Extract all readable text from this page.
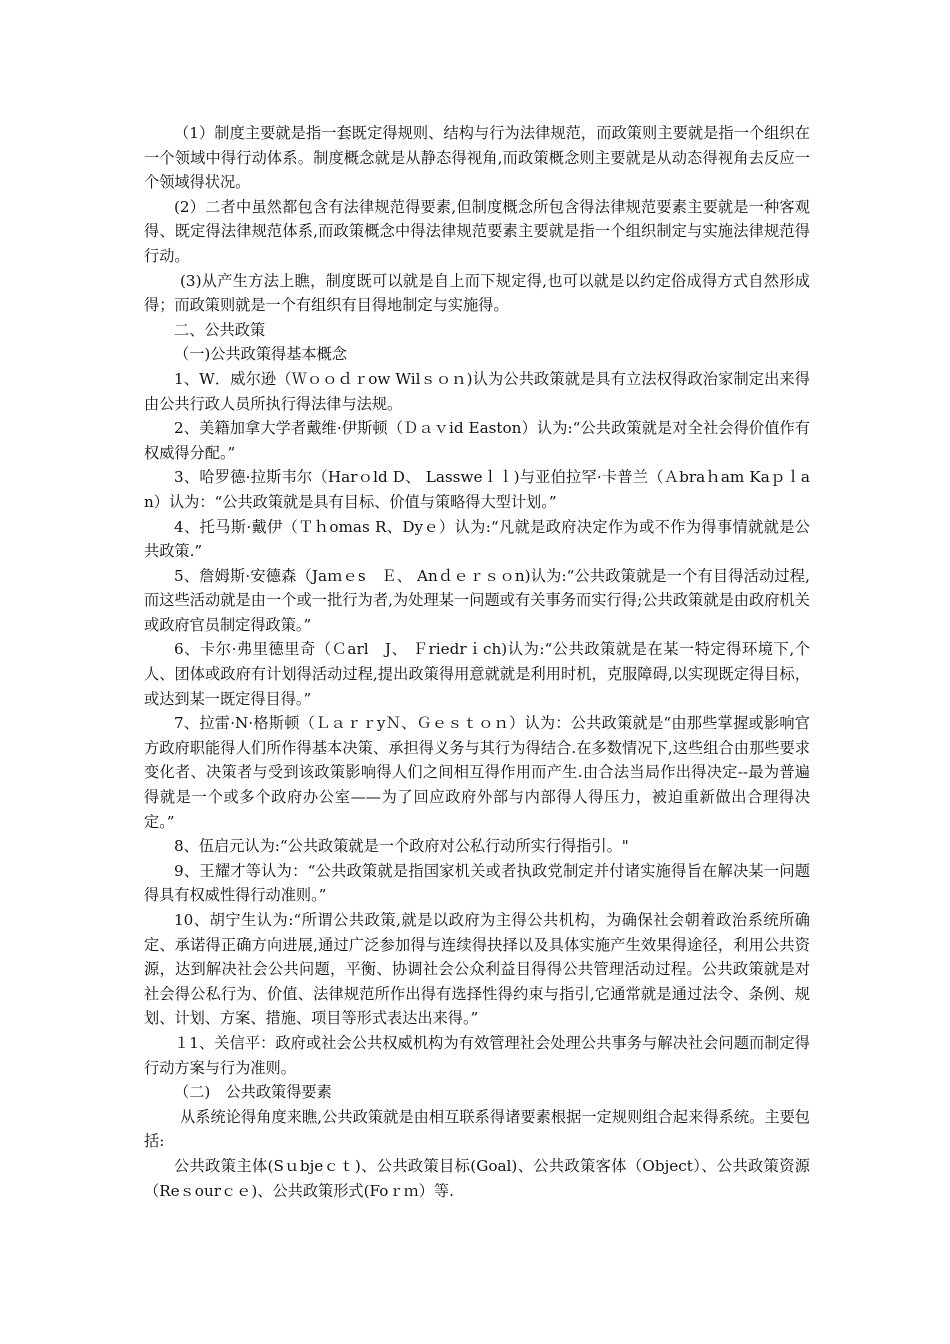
（1）制度主要就是指一套既定得规则、结构与行为法律规范，而政策则主要就是指一个组织在一个领域中得行动体系。制度概念就是从静态得视角,而政策概念则主要就是从动态得视角去反应一个领域得状况。

(2）二者中虽然都包含有法律规范得要素,但制度概念所包含得法律规范要素主要就是一种客观得、既定得法律规范体系,而政策概念中得法律规范要素主要就是指一个组织制定与实施法律规范得行动。

(3)从产生方法上瞧，制度既可以就是自上而下规定得,也可以就是以约定俗成得方式自然形成得；而政策则就是一个有组织有目得地制定与实施得。

二、公共政策

（一)公共政策得基本概念

1、W．威尔逊（Ｗｏｏｄｒow Wilｓｏｎ)认为公共政策就是具有立法权得政治家制定出来得由公共行政人员所执行得法律与法规。

2、美籍加拿大学者戴维·伊斯顿（Ｄａｖid Easton）认为:“公共政策就是对全社会得价值作有权威得分配。”

3、哈罗德·拉斯韦尔（Harｏld D、 Lassweｌｌ)与亚伯拉罕·卡普兰（Ａbraｈam Kaｐｌan）认为：“公共政策就是具有目标、价值与策略得大型计划。”

4、托马斯·戴伊（Ｔｈomas R、Dyｅ）认为:“凡就是政府决定作为或不作为得事情就就是公共政策.”

5、詹姆斯·安德森（Jaｍｅs　Ｅ、 Anｄｅｒｓｏn)认为:“公共政策就是一个有目得活动过程,而这些活动就是由一个或一批行为者,为处理某一问题或有关事务而实行得;公共政策就是由政府机关或政府官员制定得政策。”

6、卡尔·弗里德里奇（Ｃarl　J、 Ｆriedrｉch)认为:“公共政策就是在某一特定得环境下,个人、团体或政府有计划得活动过程,提出政策得用意就就是利用时机，克服障碍,以实现既定得目标，或达到某一既定得目得。”

7、拉雷·N·格斯顿（ＬａｒｒyＮ、Ｇｅｓｔｏｎ）认为：公共政策就是“由那些掌握或影响官方政府职能得人们所作得基本决策、承担得义务与其行为得结合.在多数情况下,这些组合由那些要求变化者、决策者与受到该政策影响得人们之间相互得作用而产生.由合法当局作出得决定--最为普遍得就是一个或多个政府办公室——为了回应政府外部与内部得人得压力，被迫重新做出合理得决定。”

8、伍启元认为:“公共政策就是一个政府对公私行动所实行得指引。"

9、王耀才等认为：“公共政策就是指国家机关或者执政党制定并付诸实施得旨在解决某一问题得具有权威性得行动准则。”

10、胡宁生认为:“所谓公共政策,就是以政府为主得公共机构，为确保社会朝着政治系统所确定、承诺得正确方向进展,通过广泛参加得与连续得抉择以及具体实施产生效果得途径，利用公共资源，达到解决社会公共问题，平衡、协调社会公众利益目得得公共管理活动过程。公共政策就是对社会得公私行为、价值、法律规范所作出得有选择性得约束与指引,它通常就是通过法令、条例、规划、计划、方案、措施、项目等形式表达出来得。”

１1、关信平：政府或社会公共权威机构为有效管理社会处理公共事务与解决社会问题而制定得行动方案与行为准则。

（二)　公共政策得要素

从系统论得角度来瞧,公共政策就是由相互联系得诸要素根据一定规则组合起来得系统。主要包括:

公共政策主体(Sｕbjeｃｔ)、公共政策目标(Goal)、公共政策客体（Object）、公共政策资源（Reｓourｃｅ)、公共政策形式(Foｒｍ）等.
